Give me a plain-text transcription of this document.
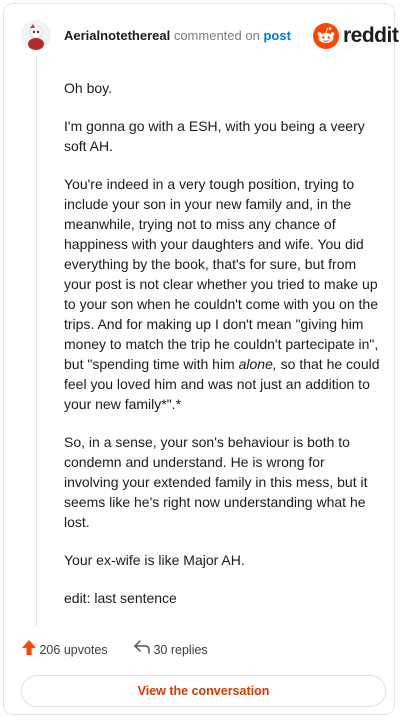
Aerialnotethereal commented on post reddit

Oh boy.

I'm gonna go with a ESH, with you being a veery soft AH.

You're indeed in a very tough position, trying to include your son in your new family and, in the meanwhile, trying not to miss any chance of happiness with your daughters and wife. You did everything by the book, that's for sure, but from your post is not clear whether you tried to make up to your son when he couldn't come with you on the trips. And for making up I don't mean "giving him money to match the trip he couldn't partecipate in", but "spending time with him alone, so that he could feel you loved him and was not just an addition to your new family*".*

So, in a sense, your son's behaviour is both to condemn and understand. He is wrong for involving your extended family in this mess, but it seems like he's right now understanding what he lost.

Your ex-wife is like Major AH.

edit: last sentence

206 upvotes	30 replies
View the conversation
